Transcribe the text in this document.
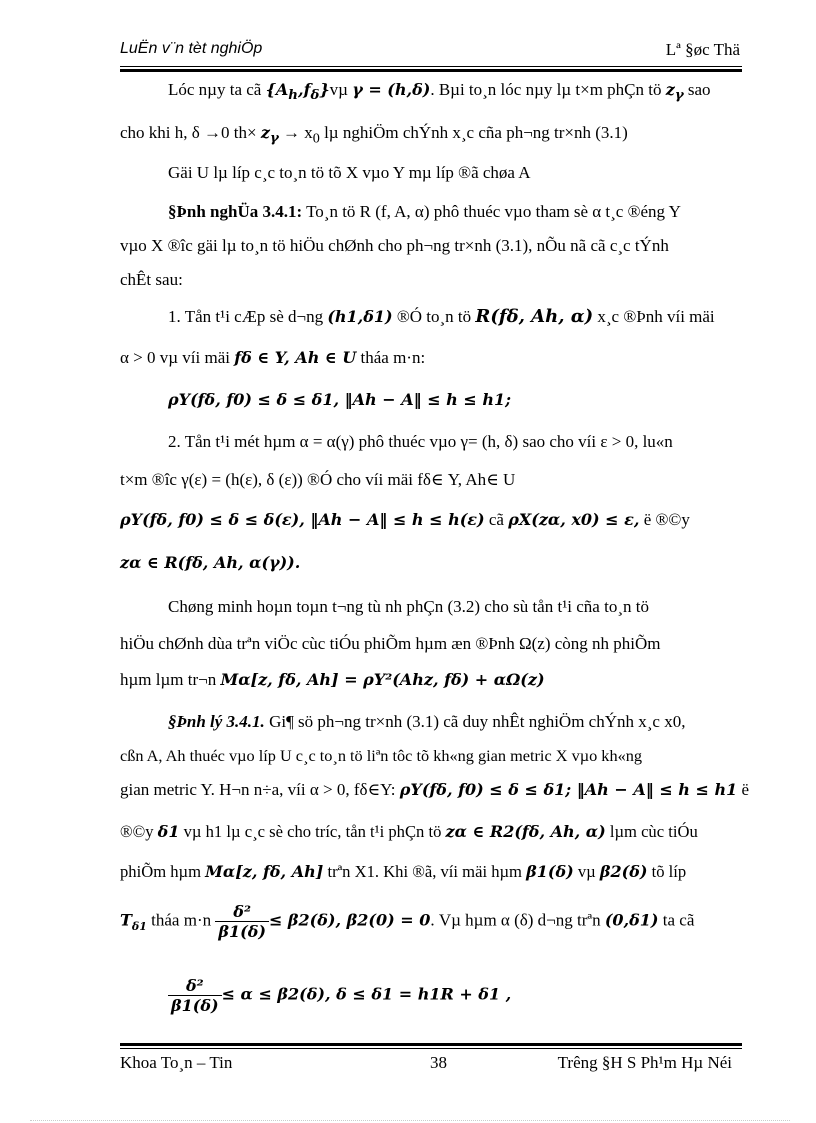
LuËn v¨n tèt nghiÖp	Lª §øc Thä
Lóc nµy ta cã $\{A_h,f_\delta\}v\mu$ γ = (h,δ). Bµi to¸n lóc nµy lµ t×m phÇn tö $z_\gamma$ sao
cho khi h, δ →0 $th\times z_\gamma \to x_0$ lµ nghiÖm chÝnh x¸c cña ph¬ng tr×nh (3.1)
Gäi U lµ líp c¸c to¸n tö tõ X vµo Y mµ líp ®ã chøa A
§Þnh nghÜa 3.4.1: To¸n tö R (f, A, α) phô thuéc vµo tham sè α t¸c ®éng Y
vµo X ®îc gäi lµ to¸n tö hiÖu chØnh cho ph¬ng tr×nh (3.1), nÕu nã cã c¸c tÝnh
chÊt sau:
1. Tån t¹i cÆp sè d¬ng (h1,δ1) ®Ó to¸n tö R(fδ, Ah, α) x¸c ®Þnh víi mäi
α > 0 vµ víi mäi fδ ∈ Y, Ah ∈ U tháa m·n:
ρY(fδ, f0) ≤ δ ≤ δ1, ‖Ah − A‖ ≤ h ≤ h1;
2. Tån t¹i mét hµm α = α(γ) phô thuéc vµo γ= (h, δ) sao cho víi ε > 0, lu«n
t×m ®îc γ(ε) = (h(ε), δ (ε)) ®Ó cho víi mäi fδ∈ Y, Ah∈ U
ρY(fδ, f0) ≤ δ ≤ δ(ε), ‖Ah − A‖ ≤ h ≤ h(ε) cã ρX(zα, x0) ≤ ε, ë ®©y
zα ∈ R(fδ, Ah, α(γ)).
Chøng minh hoµn toµn t¬ng tù nh phÇn (3.2) cho sù tån t¹i cña to¸n tö
hiÖu chØnh dùa trªn viÖc cùc tiÓu phiÕm hµm æn ®Þnh Ω(z) còng nh phiÕm
hµm lµm tr¬n Mα[z, fδ, Ah] = ρY²(Ahz, fδ) + αΩ(z)
§Þnh lý 3.4.1. Gi¶ sö ph¬ng tr×nh (3.1) cã duy nhÊt nghiÖm chÝnh x¸c x0,
cßn A, Ah thuéc vµo líp U c¸c to¸n tö liªn tôc tõ kh«ng gian metric X vµo kh«ng
gian metric Y. H¬n n÷a, víi α > 0, fδ∈Y: ρY(fδ, f0) ≤ δ ≤ δ1; ‖Ah − A‖ ≤ h ≤ h1 ë
®©y δ1 vµ h1 lµ c¸c sè cho tríc, tån t¹i phÇn tö zα ∈ R2(fδ, Ah, α) lµm cùc tiÓu
phiÕm hµm Mα[z, fδ, Ah] trªn X1. Khi ®ã, víi mäi hµm β1(δ) vµ β2(δ) tõ líp
$T_{\delta 1}$ tháa $m\cdot n \frac{\text{δ²}}{\beta 1(\delta)} \le \beta 2(\delta)$, β2(0) = 0. Vµ hµm α (δ) d¬ng trªn (0,δ1) ta cã
$\frac{\text{δ²}}{\beta 1(\delta)} \le \alpha \le \beta 2(\delta)$, δ ≤ δ1 = h1R + δ1 ,
Khoa To¸n – Tin	38	Trêng §H S Ph¹m Hµ Néi
